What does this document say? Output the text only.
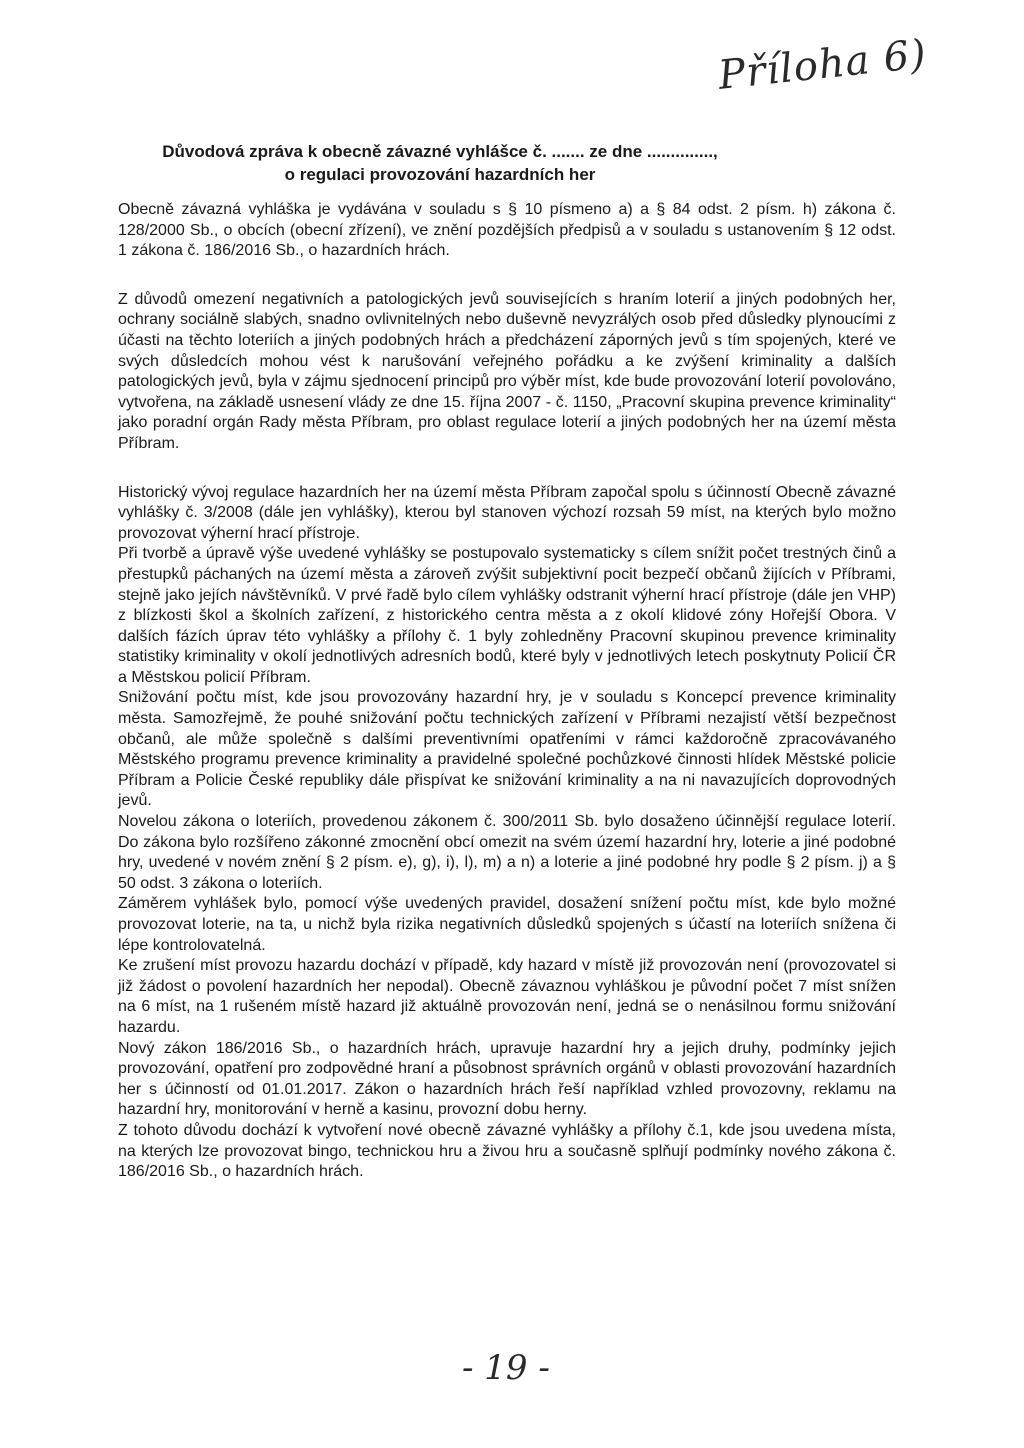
Příloha 6)
Důvodová zpráva k obecně závazné vyhlášce č. ....... ze dne ..............,
o regulaci provozování hazardních her

Obecně závazná vyhláška je vydávána v souladu s § 10 písmeno a) a § 84 odst. 2 písm. h) zákona č. 128/2000 Sb., o obcích (obecní zřízení), ve znění pozdějších předpisů a v souladu s ustanovením § 12 odst. 1 zákona č. 186/2016 Sb., o hazardních hrách.

Z důvodů omezení negativních a patologických jevů souvisejících s hraním loterií a jiných podobných her, ochrany sociálně slabých, snadno ovlivnitelných nebo duševně nevyzrálých osob před důsledky plynoucími z účasti na těchto loteriích a jiných podobných hrách a předcházení záporných jevů s tím spojených, které ve svých důsledcích mohou vést k narušování veřejného pořádku a ke zvýšení kriminality a dalších patologických jevů, byla v zájmu sjednocení principů pro výběr míst, kde bude provozování loterií povolováno, vytvořena, na základě usnesení vlády ze dne 15. října 2007 - č. 1150, „Pracovní skupina prevence kriminality“ jako poradní orgán Rady města Příbram, pro oblast regulace loterií a jiných podobných her na území města Příbram.

Historický vývoj regulace hazardních her na území města Příbram započal spolu s účinností Obecně závazné vyhlášky č. 3/2008 (dále jen vyhlášky), kterou byl stanoven výchozí rozsah 59 míst, na kterých bylo možno provozovat výherní hrací přístroje.

Při tvorbě a úpravě výše uvedené vyhlášky se postupovalo systematicky s cílem snížit počet trestných činů a přestupků páchaných na území města a zároveň zvýšit subjektivní pocit bezpečí občanů žijících v Příbrami, stejně jako jejích návštěvníků. V prvé řadě bylo cílem vyhlášky odstranit výherní hrací přístroje (dále jen VHP) z blízkosti škol a školních zařízení, z historického centra města a z okolí klidové zóny Hořejší Obora. V dalších fázích úprav této vyhlášky a přílohy č. 1 byly zohledněny Pracovní skupinou prevence kriminality statistiky kriminality v okolí jednotlivých adresních bodů, které byly v jednotlivých letech poskytnuty Policií ČR a Městskou policií Příbram.

Snižování počtu míst, kde jsou provozovány hazardní hry, je v souladu s Koncepcí prevence kriminality města. Samozřejmě, že pouhé snižování počtu technických zařízení v Příbrami nezajistí větší bezpečnost občanů, ale může společně s dalšími preventivními opatřeními v rámci každoročně zpracovávaného Městského programu prevence kriminality a pravidelné společné pochůzkové činnosti hlídek Městské policie Příbram a Policie České republiky dále přispívat ke snižování kriminality a na ni navazujících doprovodných jevů.

Novelou zákona o loteriích, provedenou zákonem č. 300/2011 Sb. bylo dosaženo účinnější regulace loterií. Do zákona bylo rozšířeno zákonné zmocnění obcí omezit na svém území hazardní hry, loterie a jiné podobné hry, uvedené v novém znění § 2 písm. e), g), i), l), m) a n) a loterie a jiné podobné hry podle § 2 písm. j) a § 50 odst. 3 zákona o loteriích.

Záměrem vyhlášek bylo, pomocí výše uvedených pravidel, dosažení snížení počtu míst, kde bylo možné provozovat loterie, na ta, u nichž byla rizika negativních důsledků spojených s účastí na loteriích snížena či lépe kontrolovatelná.

Ke zrušení míst provozu hazardu dochází v případě, kdy hazard v místě již provozován není (provozovatel si již žádost o povolení hazardních her nepodal). Obecně závaznou vyhláškou je původní počet 7 míst snížen na 6 míst, na 1 rušeném místě hazard již aktuálně provozován není, jedná se o nenásilnou formu snižování hazardu.

Nový zákon 186/2016 Sb., o hazardních hrách, upravuje hazardní hry a jejich druhy, podmínky jejich provozování, opatření pro zodpovědné hraní a působnost správních orgánů v oblasti provozování hazardních her s účinností od 01.01.2017. Zákon o hazardních hrách řeší například vzhled provozovny, reklamu na hazardní hry, monitorování v herně a kasinu, provozní dobu herny.

Z tohoto důvodu dochází k vytvoření nové obecně závazné vyhlášky a přílohy č.1, kde jsou uvedena místa, na kterých lze provozovat bingo, technickou hru a živou hru a současně splňují podmínky nového zákona č. 186/2016 Sb., o hazardních hrách.

- 19 -
